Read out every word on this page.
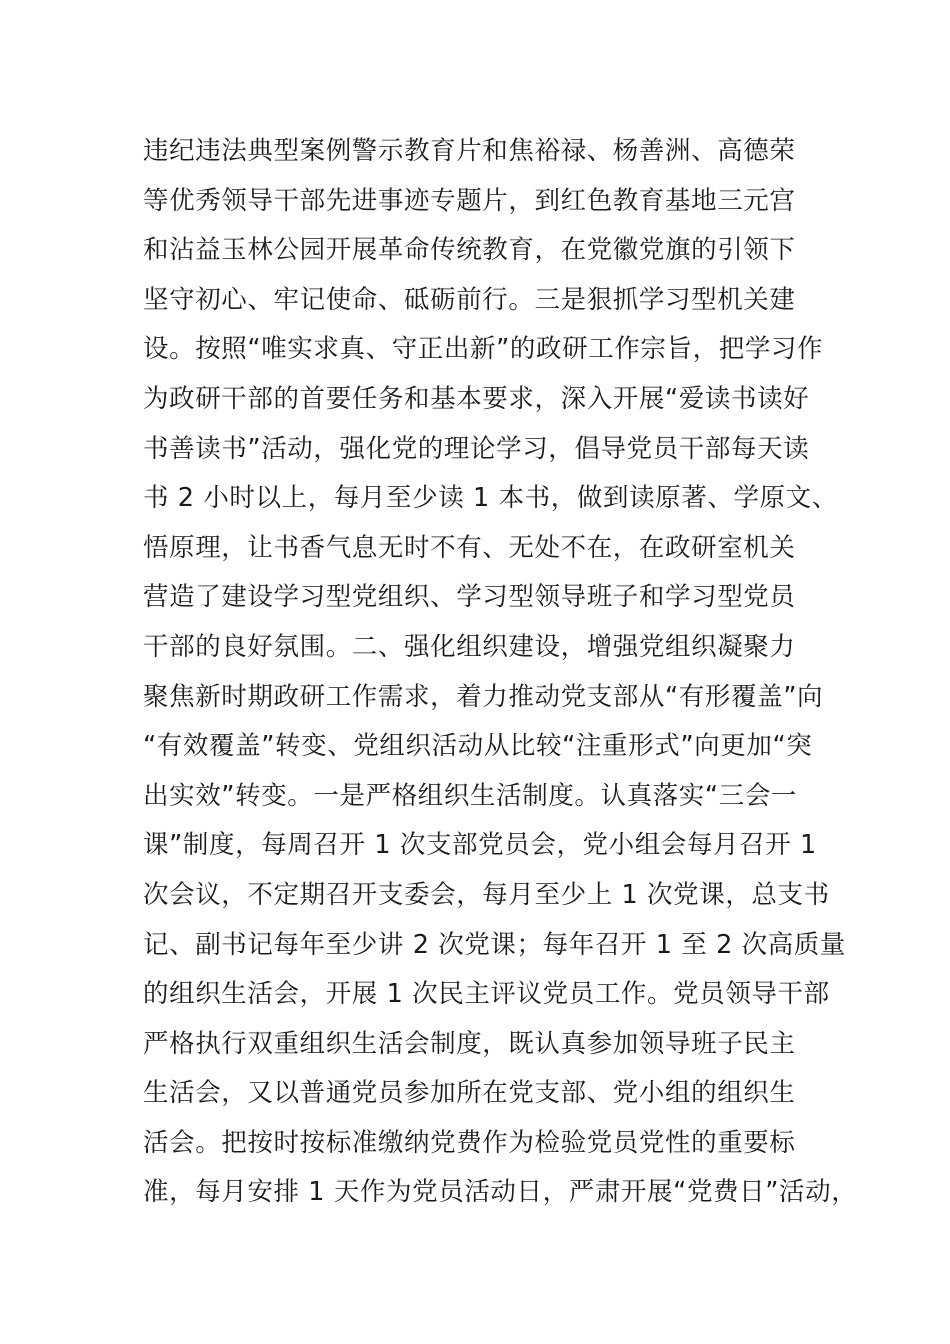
违纪违法典型案例警示教育片和焦裕禄、杨善洲、高德荣
等优秀领导干部先进事迹专题片，到红色教育基地三元宫
和沾益玉林公园开展革命传统教育，在党徽党旗的引领下
坚守初心、牢记使命、砥砺前行。三是狠抓学习型机关建
设。按照“唯实求真、守正出新”的政研工作宗旨，把学习作
为政研干部的首要任务和基本要求，深入开展“爱读书读好
书善读书”活动，强化党的理论学习，倡导党员干部每天读
书 2 小时以上，每月至少读 1 本书，做到读原著、学原文、
悟原理，让书香气息无时不有、无处不在，在政研室机关
营造了建设学习型党组织、学习型领导班子和学习型党员
干部的良好氛围。二、强化组织建设，增强党组织凝聚力
聚焦新时期政研工作需求，着力推动党支部从“有形覆盖”向
“有效覆盖”转变、党组织活动从比较“注重形式”向更加“突
出实效”转变。一是严格组织生活制度。认真落实“三会一
课”制度，每周召开 1 次支部党员会，党小组会每月召开 1
次会议，不定期召开支委会，每月至少上 1 次党课，总支书
记、副书记每年至少讲 2 次党课；每年召开 1 至 2 次高质量
的组织生活会，开展 1 次民主评议党员工作。党员领导干部
严格执行双重组织生活会制度，既认真参加领导班子民主
生活会，又以普通党员参加所在党支部、党小组的组织生
活会。把按时按标准缴纳党费作为检验党员党性的重要标
准，每月安排 1 天作为党员活动日，严肃开展“党费日”活动，
